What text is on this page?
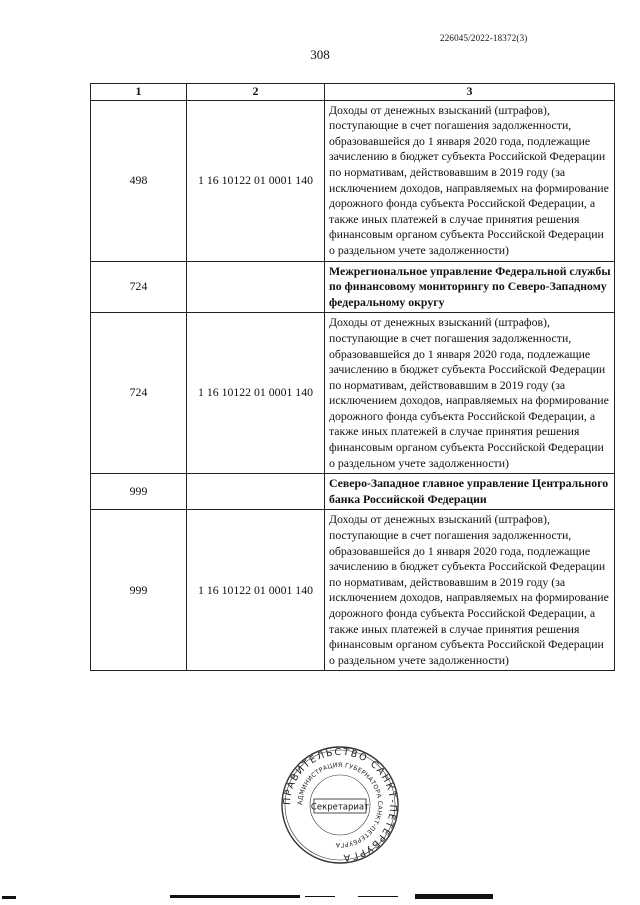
226045/2022-18372(3)
308
1	2	3
498	1 16 10122 01 0001 140	Доходы от денежных взысканий (штрафов), поступающие в счет погашения задолженности, образовавшейся до 1 января 2020 года, подлежащие зачислению в бюджет субъекта Российской Федерации по нормативам, действовавшим в 2019 году (за исключением доходов, направляемых на формирование дорожного фонда субъекта Российской Федерации, а также иных платежей в случае принятия решения финансовым органом субъекта Российской Федерации о раздельном учете задолженности)
724		Межрегиональное управление Федеральной службы по финансовому мониторингу по Северо-Западному федеральному округу
724	1 16 10122 01 0001 140	Доходы от денежных взысканий (штрафов), поступающие в счет погашения задолженности, образовавшейся до 1 января 2020 года, подлежащие зачислению в бюджет субъекта Российской Федерации по нормативам, действовавшим в 2019 году (за исключением доходов, направляемых на формирование дорожного фонда субъекта Российской Федерации, а также иных платежей в случае принятия решения финансовым органом субъекта Российской Федерации о раздельном учете задолженности)
999		Северо-Западное главное управление Центрального банка Российской Федерации
999	1 16 10122 01 0001 140	Доходы от денежных взысканий (штрафов), поступающие в счет погашения задолженности, образовавшейся до 1 января 2020 года, подлежащие зачислению в бюджет субъекта Российской Федерации по нормативам, действовавшим в 2019 году (за исключением доходов, направляемых на формирование дорожного фонда субъекта Российской Федерации, а также иных платежей в случае принятия решения финансовым органом субъекта Российской Федерации о раздельном учете задолженности)
ПРАВИТЕЛЬСТВО САНКТ-ПЕТЕРБУРГА
АДМИНИСТРАЦИЯ ГУБЕРНАТОРА САНКТ-ПЕТЕРБУРГА
Секретариат
